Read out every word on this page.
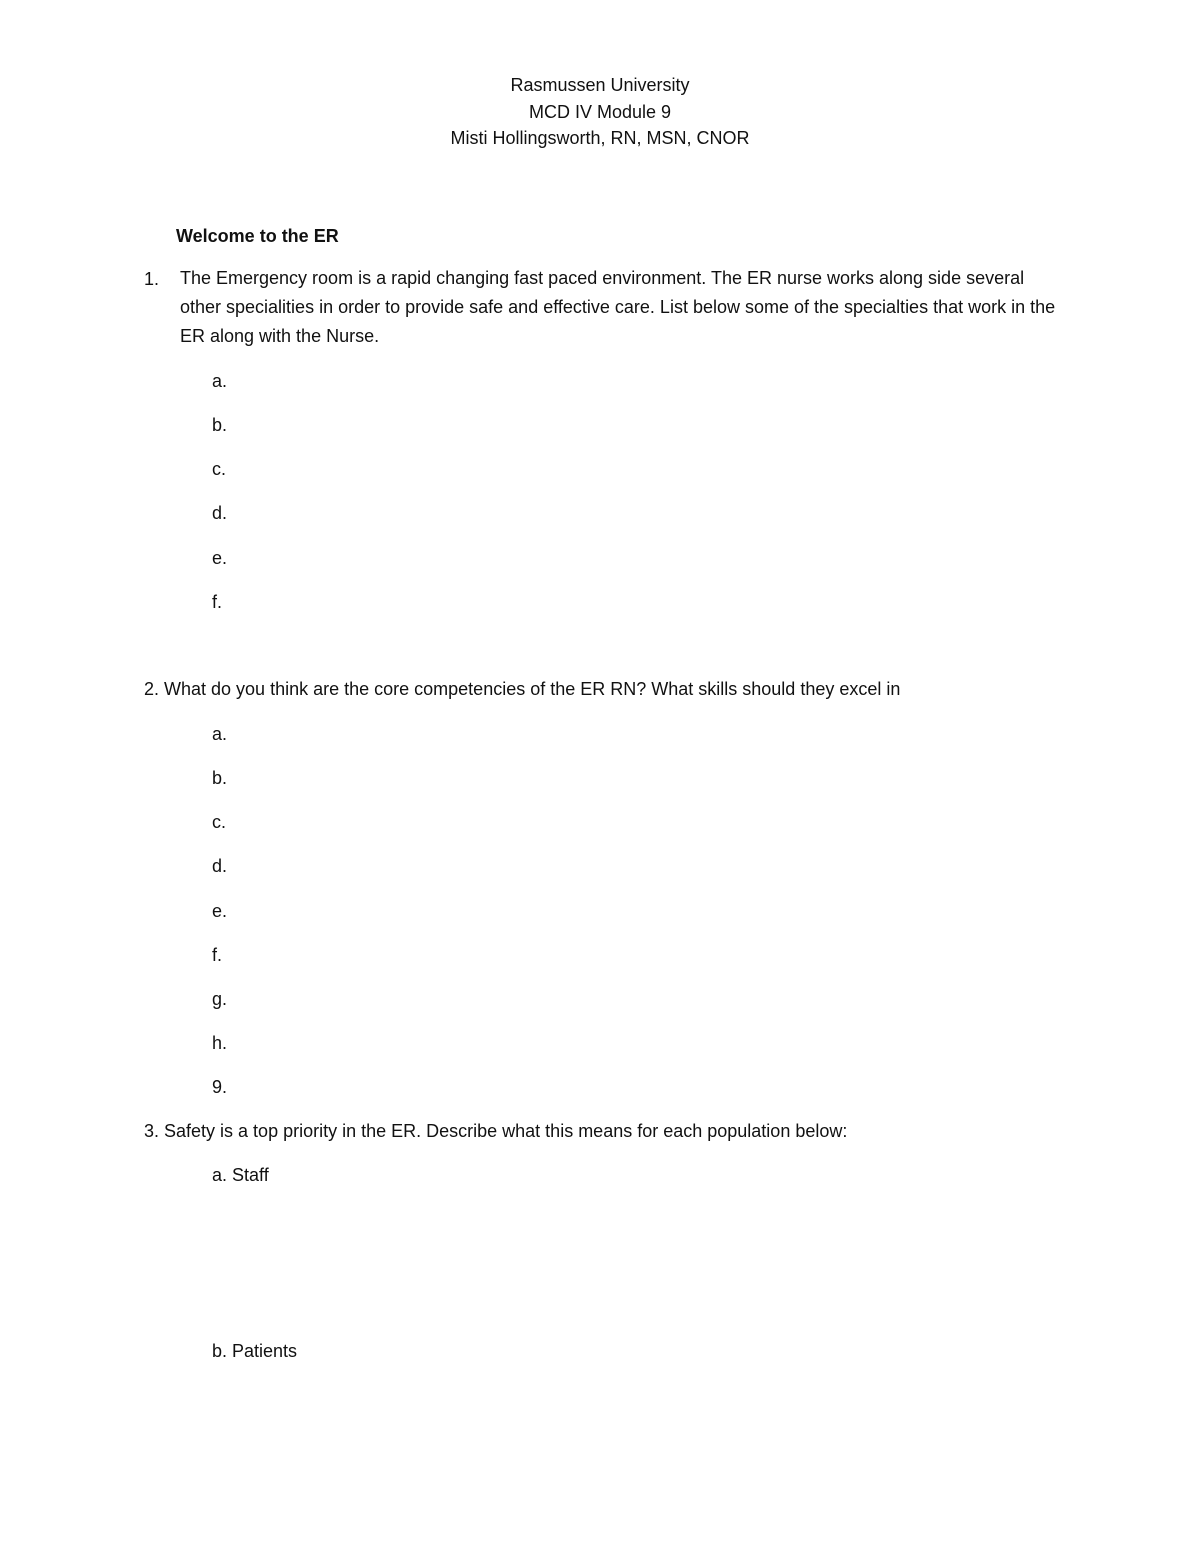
Rasmussen University
MCD IV Module 9
Misti Hollingsworth, RN, MSN, CNOR
Welcome to the ER
1. The Emergency room is a rapid changing fast paced environment. The ER nurse works along side several other specialities in order to provide safe and effective care. List below some of the specialties that work in the ER along with the Nurse.
a.
b.
c.
d.
e.
f.
2. What do you think are the core competencies of the ER RN? What skills should they excel in
a.
b.
c.
d.
e.
f.
g.
h.
9.
3. Safety is a top priority in the ER. Describe what this means for each population below:
a. Staff
b. Patients
